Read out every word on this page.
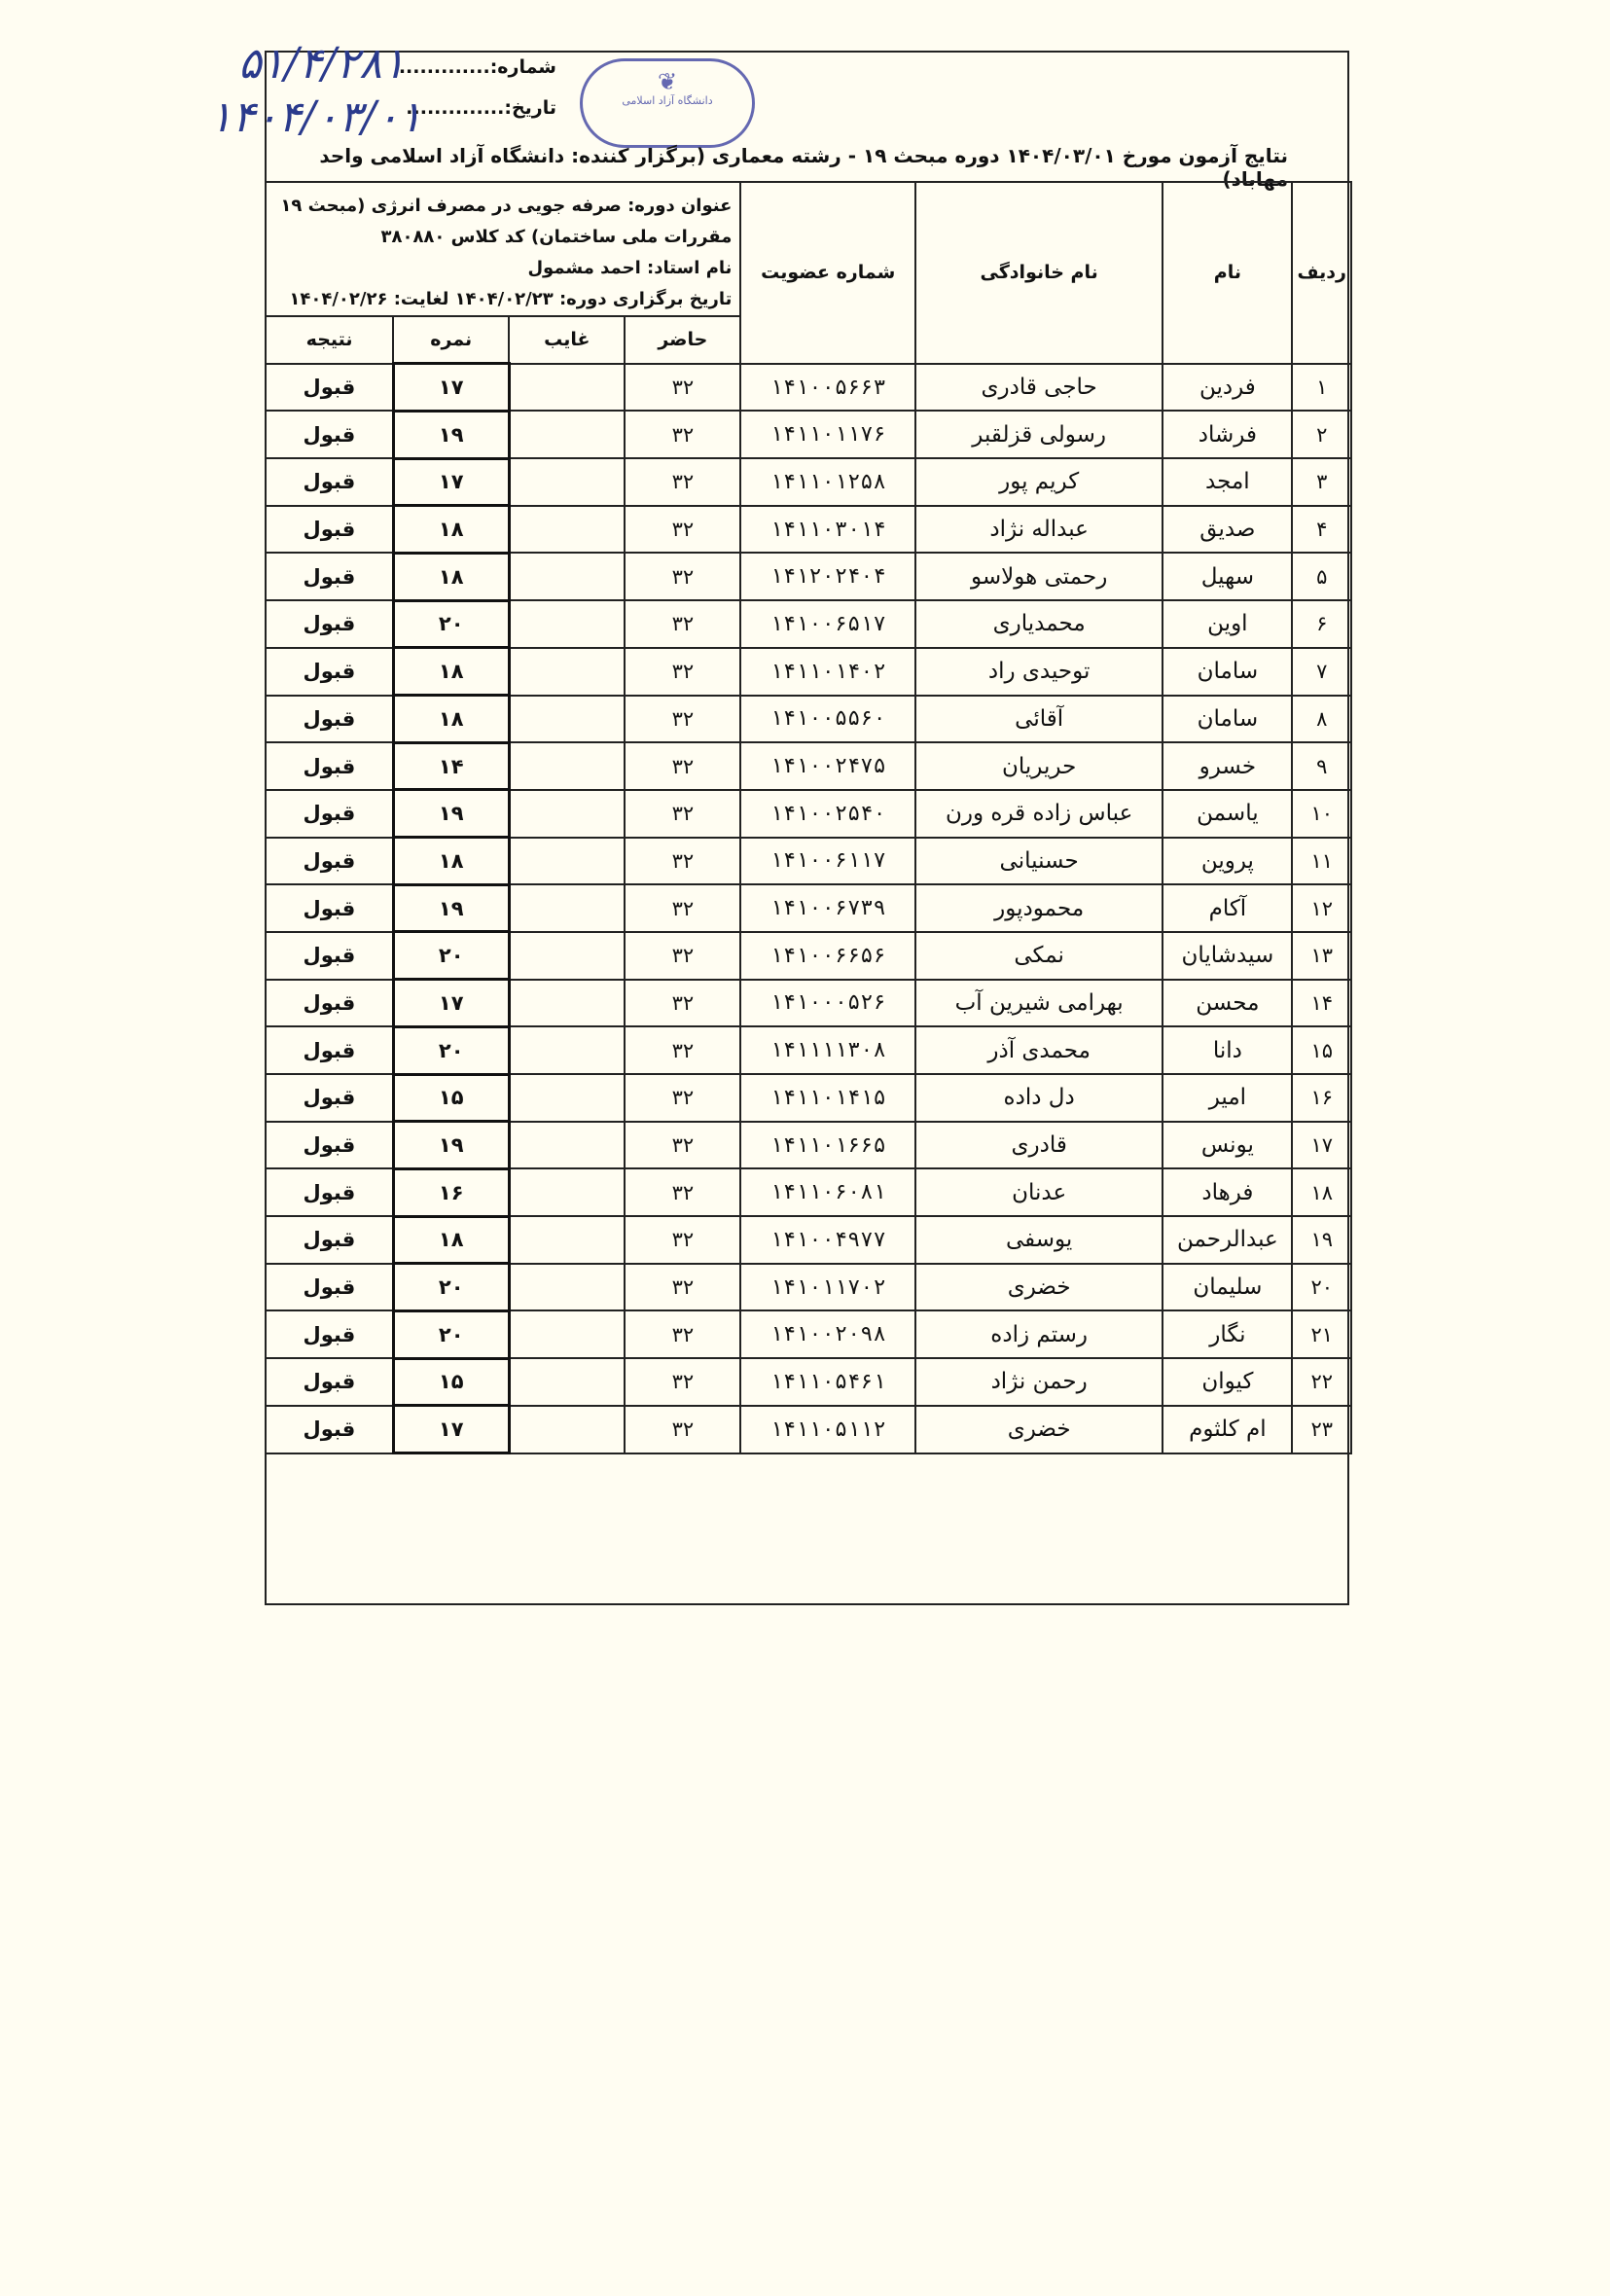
شماره:.............
تاریخ:..............
۵۱/۴/۲۸۱
۱۴۰۴/۰۳/۰۱
❦
دانشگاه آزاد اسلامی
نتایج آزمون مورخ ۱۴۰۴/۰۳/۰۱ دوره مبحث ۱۹ - رشته معماری (برگزار کننده: دانشگاه آزاد اسلامی واحد مهاباد)
ردیف	نام	نام خانوادگی	شماره عضویت	عنوان دوره: صرفه جویی در مصرف انرژی (مبحث ۱۹
مقررات ملی ساختمان) کد کلاس ۳۸۰۸۸۰
نام استاد: احمد مشمول
تاریخ برگزاری دوره: ۱۴۰۴/۰۲/۲۳ لغایت: ۱۴۰۴/۰۲/۲۶			

				حاضر	غایب	نمره	نتیجه
۱	فردین	حاجی قادری	۱۴۱۰۰۵۶۶۳	۳۲		۱۷	قبول
۲	فرشاد	رسولی قزلقبر	۱۴۱۱۰۱۱۷۶	۳۲		۱۹	قبول
۳	امجد	کریم پور	۱۴۱۱۰۱۲۵۸	۳۲		۱۷	قبول
۴	صدیق	عبداله نژاد	۱۴۱۱۰۳۰۱۴	۳۲		۱۸	قبول
۵	سهیل	رحمتی هولاسو	۱۴۱۲۰۲۴۰۴	۳۲		۱۸	قبول
۶	اوین	محمدیاری	۱۴۱۰۰۶۵۱۷	۳۲		۲۰	قبول
۷	سامان	توحیدی راد	۱۴۱۱۰۱۴۰۲	۳۲		۱۸	قبول
۸	سامان	آقائی	۱۴۱۰۰۵۵۶۰	۳۲		۱۸	قبول
۹	خسرو	حریریان	۱۴۱۰۰۲۴۷۵	۳۲		۱۴	قبول
۱۰	یاسمن	عباس زاده قره ورن	۱۴۱۰۰۲۵۴۰	۳۲		۱۹	قبول
۱۱	پروین	حسنیانی	۱۴۱۰۰۶۱۱۷	۳۲		۱۸	قبول
۱۲	آکام	محمودپور	۱۴۱۰۰۶۷۳۹	۳۲		۱۹	قبول
۱۳	سیدشایان	نمکی	۱۴۱۰۰۶۶۵۶	۳۲		۲۰	قبول
۱۴	محسن	بهرامی شیرین آب	۱۴۱۰۰۰۵۲۶	۳۲		۱۷	قبول
۱۵	دانا	محمدی آذر	۱۴۱۱۱۱۳۰۸	۳۲		۲۰	قبول
۱۶	امیر	دل داده	۱۴۱۱۰۱۴۱۵	۳۲		۱۵	قبول
۱۷	یونس	قادری	۱۴۱۱۰۱۶۶۵	۳۲		۱۹	قبول
۱۸	فرهاد	عدنان	۱۴۱۱۰۶۰۸۱	۳۲		۱۶	قبول
۱۹	عبدالرحمن	یوسفی	۱۴۱۰۰۴۹۷۷	۳۲		۱۸	قبول
۲۰	سلیمان	خضری	۱۴۱۰۱۱۷۰۲	۳۲		۲۰	قبول
۲۱	نگار	رستم زاده	۱۴۱۰۰۲۰۹۸	۳۲		۲۰	قبول
۲۲	کیوان	رحمن نژاد	۱۴۱۱۰۵۴۶۱	۳۲		۱۵	قبول
۲۳	ام کلثوم	خضری	۱۴۱۱۰۵۱۱۲	۳۲		۱۷	قبول
